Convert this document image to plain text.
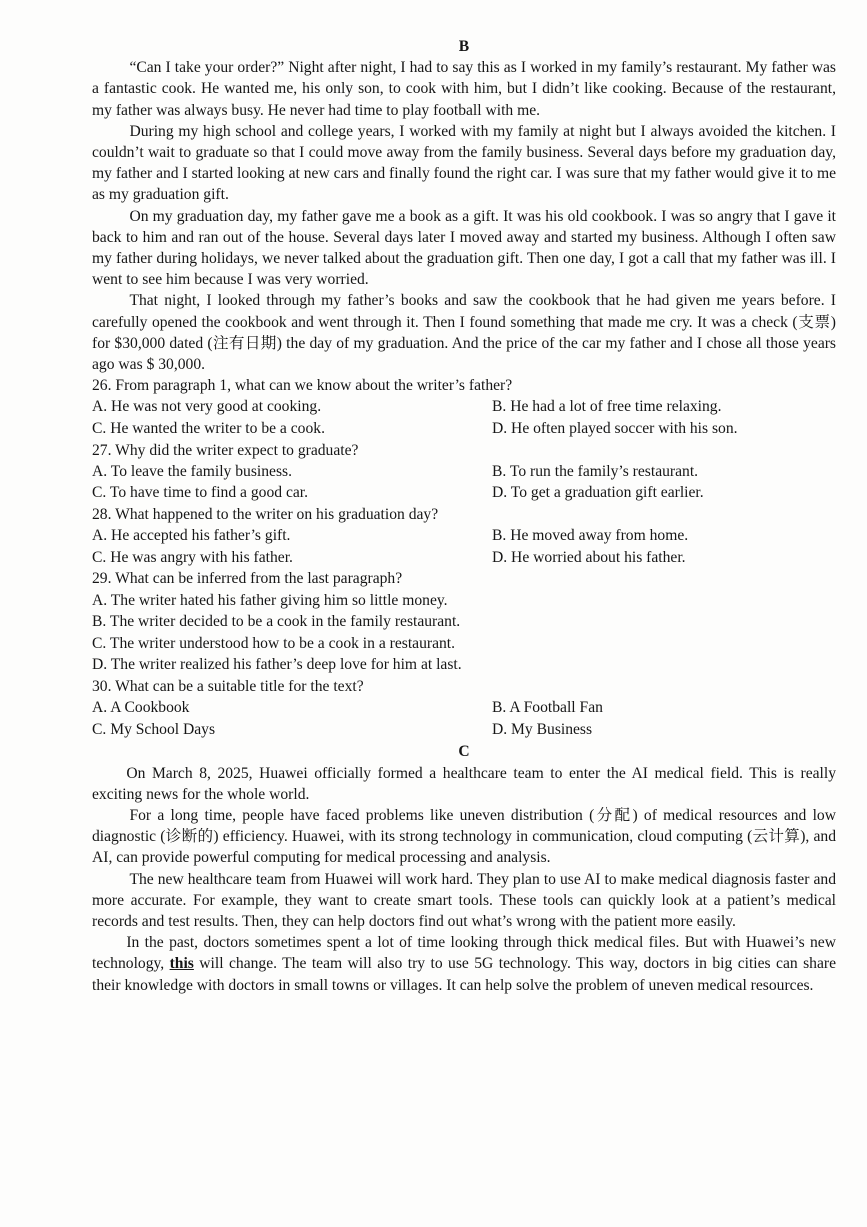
B

“Can I take your order?” Night after night, I had to say this as I worked in my family’s restaurant. My father was a fantastic cook. He wanted me, his only son, to cook with him, but I didn’t like cooking. Because of the restaurant, my father was always busy. He never had time to play football with me.

During my high school and college years, I worked with my family at night but I always avoided the kitchen. I couldn’t wait to graduate so that I could move away from the family business. Several days before my graduation day, my father and I started looking at new cars and finally found the right car. I was sure that my father would give it to me as my graduation gift.

On my graduation day, my father gave me a book as a gift. It was his old cookbook. I was so angry that I gave it back to him and ran out of the house. Several days later I moved away and started my business. Although I often saw my father during holidays, we never talked about the graduation gift. Then one day, I got a call that my father was ill. I went to see him because I was very worried.

That night, I looked through my father’s books and saw the cookbook that he had given me years before. I carefully opened the cookbook and went through it. Then I found something that made me cry. It was a check (支票) for $30,000 dated (注有日期) the day of my graduation. And the price of the car my father and I chose all those years ago was $ 30,000.

26. From paragraph 1, what can we know about the writer’s father?
A. He was not very good at cooking.	B. He had a lot of free time relaxing.
C. He wanted the writer to be a cook.	D. He often played soccer with his son.
27. Why did the writer expect to graduate?
A. To leave the family business.	B. To run the family’s restaurant.
C. To have time to find a good car.	D. To get a graduation gift earlier.
28. What happened to the writer on his graduation day?
A. He accepted his father’s gift.	B. He moved away from home.
C. He was angry with his father.	D. He worried about his father.
29. What can be inferred from the last paragraph?
A. The writer hated his father giving him so little money.
B. The writer decided to be a cook in the family restaurant.
C. The writer understood how to be a cook in a restaurant.
D. The writer realized his father’s deep love for him at last.
30. What can be a suitable title for the text?
A. A Cookbook	B. A Football Fan
C. My School Days	D. My Business
C

On March 8, 2025, Huawei officially formed a healthcare team to enter the AI medical field. This is really exciting news for the whole world.

For a long time, people have faced problems like uneven distribution (分配) of medical resources and low diagnostic (诊断的) efficiency. Huawei, with its strong technology in communication, cloud computing (云计算), and AI, can provide powerful computing for medical processing and analysis.

The new healthcare team from Huawei will work hard. They plan to use AI to make medical diagnosis faster and more accurate. For example, they want to create smart tools. These tools can quickly look at a patient’s medical records and test results. Then, they can help doctors find out what’s wrong with the patient more easily.

In the past, doctors sometimes spent a lot of time looking through thick medical files. But with Huawei’s new technology, this will change. The team will also try to use 5G technology. This way, doctors in big cities can share their knowledge with doctors in small towns or villages. It can help solve the problem of uneven medical resources.
